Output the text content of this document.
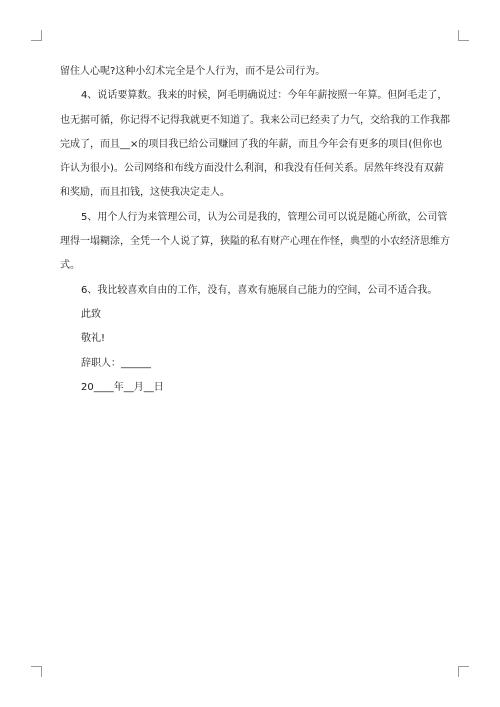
留住人心呢?这种小幻术完全是个人行为，而不是公司行为。

4、说话要算数。我来的时候，阿毛明确说过：今年年薪按照一年算。但阿毛走了，也无据可循，你记得不记得我就更不知道了。我来公司已经卖了力气，交给我的工作我都完成了，而且__×的项目我已给公司赚回了我的年薪，而且今年会有更多的项目(但你也许认为很小)。公司网络和布线方面没什么利润，和我没有任何关系。居然年终没有双薪和奖励，而且扣钱，这使我决定走人。

5、用个人行为来管理公司，认为公司是我的，管理公司可以说是随心所欲，公司管理得一塌糊涂，全凭一个人说了算，狭隘的私有财产心理在作怪，典型的小农经济思维方式。

6、我比较喜欢自由的工作，没有，喜欢有施展自己能力的空间，公司不适合我。

此致

敬礼!

辞职人：______

20____年__月__日
